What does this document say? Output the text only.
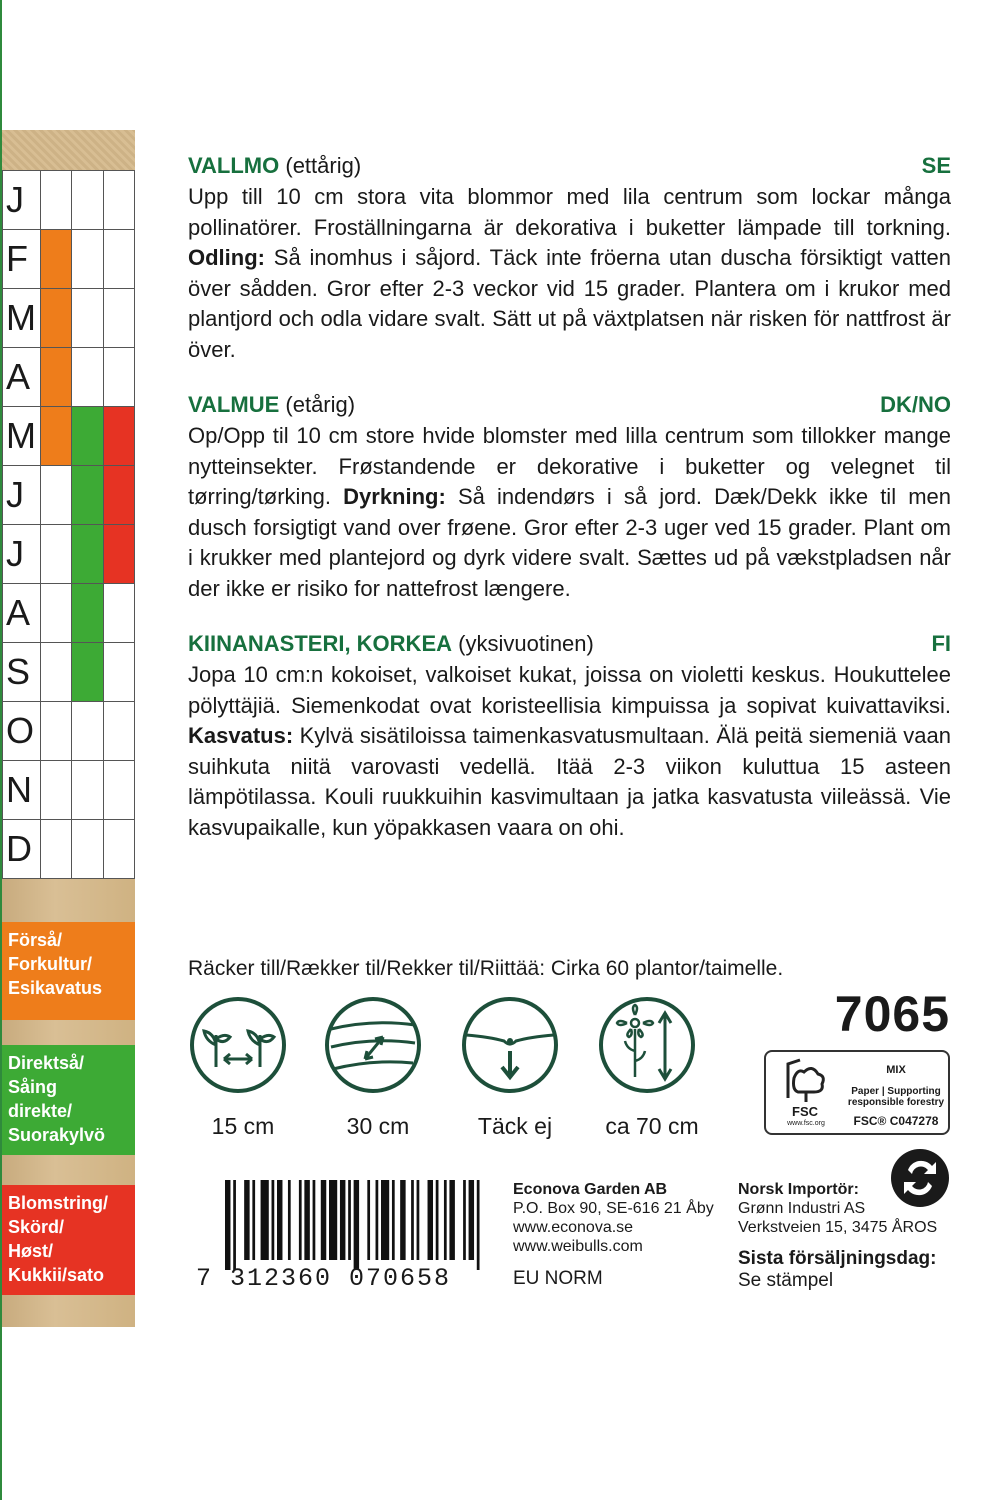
J			
F			
M			
A			
M			
J			
J			
A			
S			
O			
N			
D			
Förså/
Forkultur/
Esikavatus
Direktså/
Såing
direkte/
Suorakylvö
Blomstring/
Skörd/
Høst/
Kukkii/sato
VALLMO (ettårig)	SE

Upp till 10 cm stora vita blommor med lila centrum som lockar många pollinatörer. Froställningarna är dekorativa i buketter lämpade till torkning. Odling: Så inomhus i såjord. Täck inte fröerna utan duscha försiktigt vatten över sådden. Gror efter 2-3 veckor vid 15 grader. Plantera om i krukor med plantjord och odla vidare svalt. Sätt ut på växtplatsen när risken för nattfrost är över.

VALMUE (etårig)	DK/NO

Op/Opp til 10 cm store hvide blomster med lilla centrum som tillokker mange nytteinsekter. Frøstandende er dekorative i buketter og velegnet til tørring/tørking. Dyrkning: Så indendørs i så jord. Dæk/Dekk ikke til men dusch forsigtigt vand over frøene. Gror efter 2-3 uger ved 15 grader. Plant om i krukker med plantejord og dyrk videre svalt. Sættes ud på vækstpladsen når der ikke er risiko for nattefrost længere.

KIINANASTERI, KORKEA (yksivuotinen)	FI

Jopa 10 cm:n kokoiset, valkoiset kukat, joissa on violetti keskus. Houkuttelee pölyttäjiä. Siemenkodat ovat koristeellisia kimpuissa ja sopivat kuivattaviksi. Kasvatus: Kylvä sisätiloissa taimenkasvatusmultaan. Älä peitä siemeniä vaan suihkuta niitä varovasti vedellä. Itää 2-3 viikon kuluttua 15 asteen lämpötilassa. Kouli ruukkuihin kasvimultaan ja jatka kasvatusta viileässä. Vie kasvupaikalle, kun yöpakkasen vaara on ohi.

Räcker till/Rækker til/Rekker til/Riittää: Cirka 60 plantor/taimelle.
7065
15 cm	30 cm	Täck ej	ca 70 cm
FSC
www.fsc.org
MIX
Paper | Supporting responsible forestry
FSC® C047278
7 312360 070658
Econova Garden AB
P.O. Box 90, SE-616 21 Åby
www.econova.se
www.weibulls.com
EU NORM
Norsk Importör:
Grønn Industri AS
Verkstveien 15, 3475 ÅROS
Sista försäljningsdag:
Se stämpel
